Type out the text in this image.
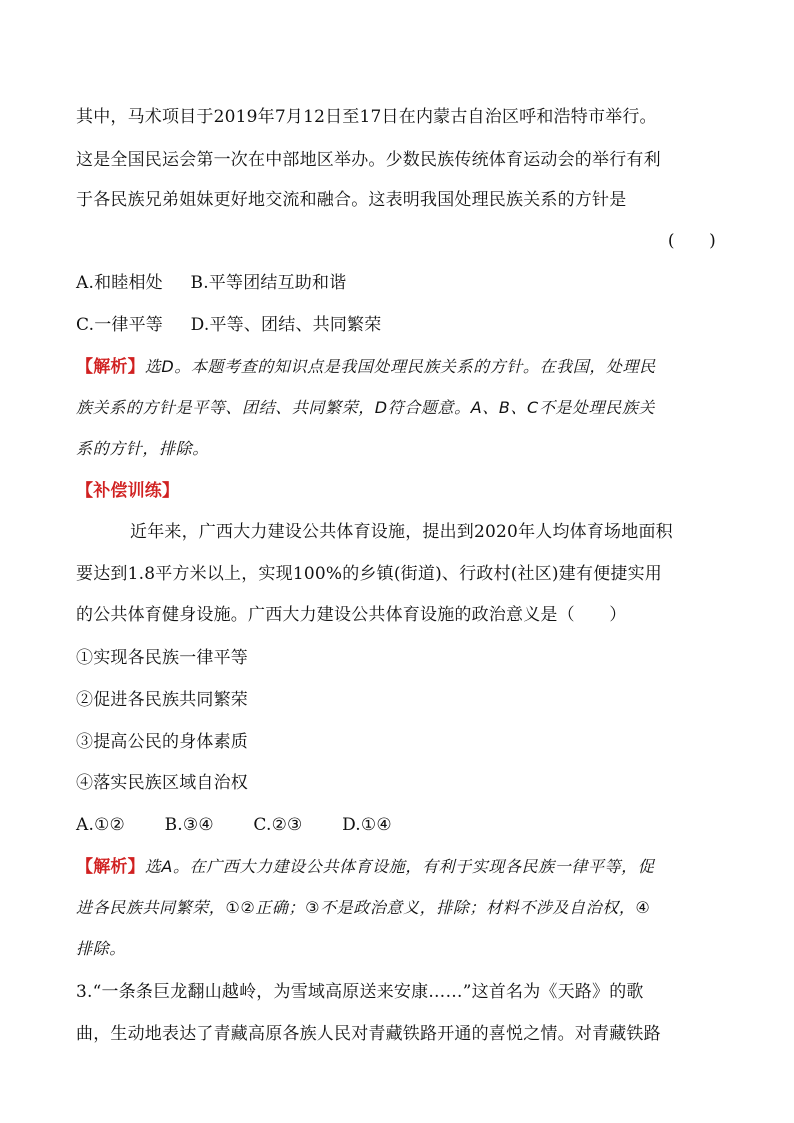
其中，马术项目于2019年7月12日至17日在内蒙古自治区呼和浩特市举行。
这是全国民运会第一次在中部地区举办。少数民族传统体育运动会的举行有利
于各民族兄弟姐妹更好地交流和融合。这表明我国处理民族关系的方针是
(　　)
A.和睦相处 B.平等团结互助和谐
C.一律平等 D.平等、团结、共同繁荣
【解析】选D。本题考查的知识点是我国处理民族关系的方针。在我国，处理民
族关系的方针是平等、团结、共同繁荣，D符合题意。A、B、C不是处理民族关
系的方针，排除。
【补偿训练】
近年来，广西大力建设公共体育设施，提出到2020年人均体育场地面积
要达到1.8平方米以上，实现100%的乡镇(街道)、行政村(社区)建有便捷实用
的公共体育健身设施。广西大力建设公共体育设施的政治意义是（　　）
①实现各民族一律平等
②促进各民族共同繁荣
③提高公民的身体素质
④落实民族区域自治权
A.①② B.③④ C.②③ D.①④
【解析】选A。在广西大力建设公共体育设施，有利于实现各民族一律平等，促
进各民族共同繁荣，①②正确；③不是政治意义，排除；材料不涉及自治权，④
排除。
3.“一条条巨龙翻山越岭，为雪域高原送来安康……”这首名为《天路》的歌
曲，生动地表达了青藏高原各族人民对青藏铁路开通的喜悦之情。对青藏铁路
